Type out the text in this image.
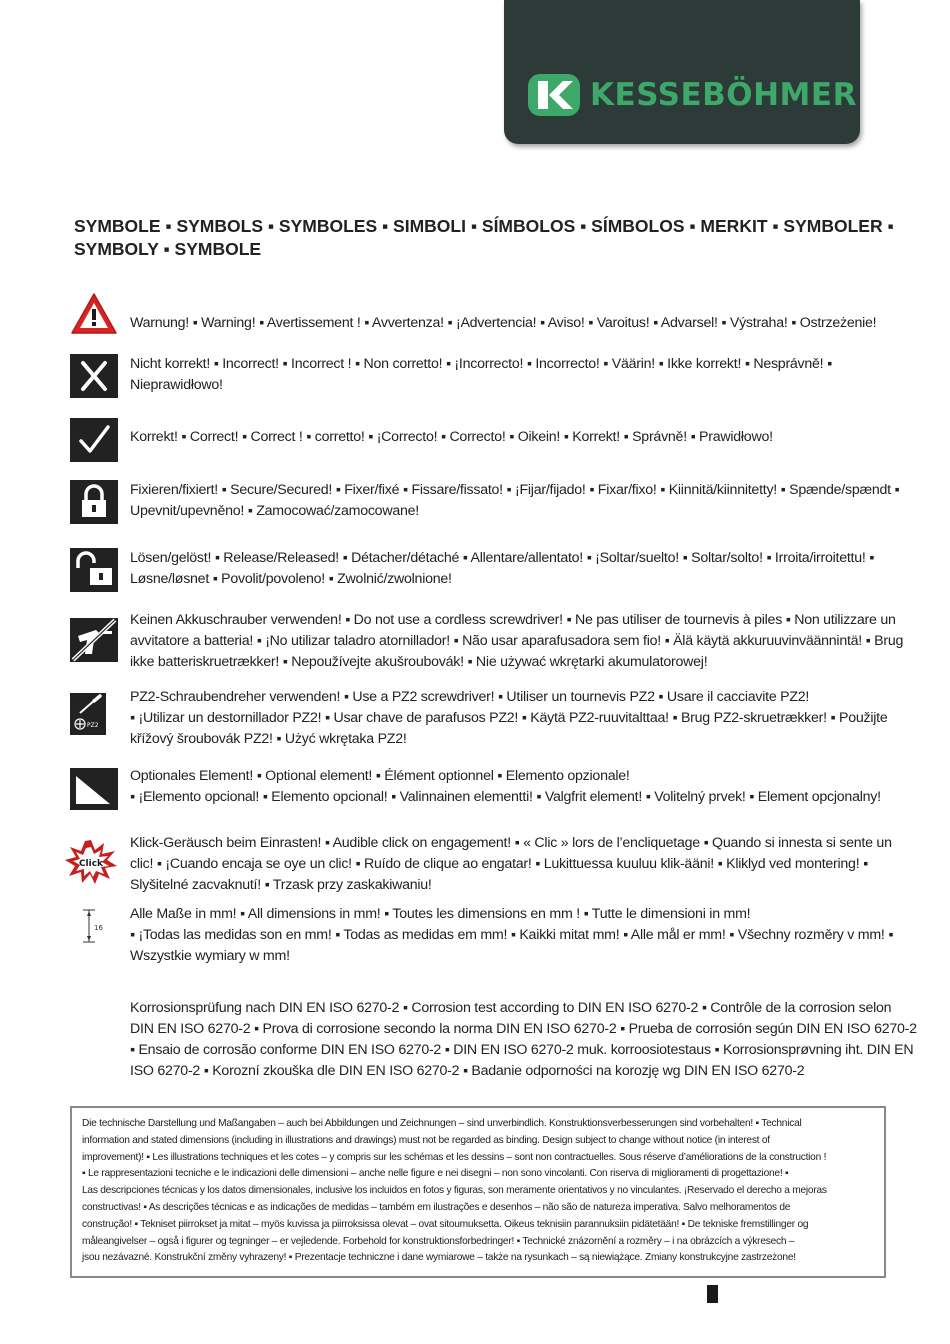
KESSEBÖHMER
SYMBOLE ▪ SYMBOLS ▪ SYMBOLES ▪ SIMBOLI ▪ SÍMBOLOS ▪ SÍMBOLOS ▪ MERKIT ▪ SYMBOLER ▪
SYMBOLY ▪ SYMBOLE
Warnung! ▪ Warning! ▪ Avertissement ! ▪ Avvertenza! ▪ ¡Advertencia! ▪ Aviso! ▪ Varoitus! ▪ Advarsel! ▪ Výstraha! ▪ Ostrzeżenie!
Nicht korrekt! ▪ Incorrect! ▪ Incorrect ! ▪ Non corretto! ▪ ¡Incorrecto! ▪ Incorrecto! ▪ Väärin! ▪ Ikke korrekt! ▪ Nesprávně! ▪
Nieprawidłowo!
Korrekt! ▪ Correct! ▪ Correct ! ▪ corretto! ▪ ¡Correcto! ▪ Correcto! ▪ Oikein! ▪ Korrekt! ▪ Správně! ▪ Prawidłowo!
Fixieren/fixiert! ▪ Secure/Secured! ▪ Fixer/fixé ▪ Fissare/fissato! ▪ ¡Fijar/fijado! ▪ Fixar/fixo! ▪ Kiinnitä/kiinnitetty! ▪ Spænde/spændt ▪
Upevnit/upevněno! ▪ Zamocować/zamocowane!
Lösen/gelöst! ▪ Release/Released! ▪ Détacher/détaché ▪ Allentare/allentato! ▪ ¡Soltar/suelto! ▪ Soltar/solto! ▪ Irroita/irroitettu! ▪
Løsne/løsnet ▪ Povolit/povoleno! ▪ Zwolnić/zwolnione!
Keinen Akkuschrauber verwenden! ▪ Do not use a cordless screwdriver! ▪ Ne pas utiliser de tournevis à piles ▪ Non utilizzare un
avvitatore a batteria! ▪ ¡No utilizar taladro atornillador! ▪ Não usar aparafusadora sem fio! ▪ Älä käytä akkuruuvinväännintä! ▪ Brug
ikke batteriskruetrækker! ▪ Nepoužívejte akušroubovák! ▪ Nie używać wkrętarki akumulatorowej!
PZ2
PZ2-Schraubendreher verwenden! ▪ Use a PZ2 screwdriver! ▪ Utiliser un tournevis PZ2 ▪ Usare il cacciavite PZ2!
▪ ¡Utilizar un destornillador PZ2! ▪ Usar chave de parafusos PZ2! ▪ Käytä PZ2-ruuvitalttaa! ▪ Brug PZ2-skruetrækker! ▪ Použijte
křížový šroubovák PZ2! ▪ Użyć wkrętaka PZ2!
Optionales Element! ▪ Optional element! ▪ Élément optionnel ▪ Elemento opzionale!
▪ ¡Elemento opcional! ▪ Elemento opcional! ▪ Valinnainen elementti! ▪ Valgfrit element! ▪ Volitelný prvek! ▪ Element opcjonalny!
Click
Klick-Geräusch beim Einrasten! ▪ Audible click on engagement! ▪ « Clic » lors de l’encliquetage ▪ Quando si innesta si sente un
clic! ▪ ¡Cuando encaja se oye un clic! ▪ Ruído de clique ao engatar! ▪ Lukittuessa kuuluu klik-ääni! ▪ Kliklyd ved montering! ▪
Slyšitelné zacvaknutí! ▪ Trzask przy zaskakiwaniu!
16
Alle Maße in mm! ▪ All dimensions in mm! ▪ Toutes les dimensions en mm ! ▪ Tutte le dimensioni in mm!
▪ ¡Todas las medidas son en mm! ▪ Todas as medidas em mm! ▪ Kaikki mitat mm! ▪ Alle mål er mm! ▪ Všechny rozměry v mm! ▪
Wszystkie wymiary w mm!
Korrosionsprüfung nach DIN EN ISO 6270-2 ▪ Corrosion test according to DIN EN ISO 6270-2 ▪ Contrôle de la corrosion selon
DIN EN ISO 6270-2 ▪ Prova di corrosione secondo la norma DIN EN ISO 6270-2 ▪ Prueba de corrosión según DIN EN ISO 6270-2
▪ Ensaio de corrosão conforme DIN EN ISO 6270-2 ▪ DIN EN ISO 6270-2 muk. korroosiotestaus ▪ Korrosionsprøvning iht. DIN EN
ISO 6270-2 ▪ Korozní zkouška dle DIN EN ISO 6270-2 ▪ Badanie odporności na korozję wg DIN EN ISO 6270-2
Die technische Darstellung und Maßangaben – auch bei Abbildungen und Zeichnungen – sind unverbindlich. Konstruktionsverbesserungen sind vorbehalten! ▪ Technical
information and stated dimensions (including in illustrations and drawings) must not be regarded as binding. Design subject to change without notice (in interest of
improvement)! ▪ Les illustrations techniques et les cotes – y compris sur les schémas et les dessins – sont non contractuelles. Sous réserve d’améliorations de la construction !
▪ Le rappresentazioni tecniche e le indicazioni delle dimensioni – anche nelle figure e nei disegni – non sono vincolanti. Con riserva di miglioramenti di progettazione! ▪
Las descripciones técnicas y los datos dimensionales, inclusive los incluidos en fotos y figuras, son meramente orientativos y no vinculantes. ¡Reservado el derecho a mejoras
constructivas! ▪ As descrições técnicas e as indicações de medidas – também em ilustrações e desenhos – não são de natureza imperativa. Salvo melhoramentos de
construção! ▪ Tekniset piirrokset ja mitat – myös kuvissa ja piirroksissa olevat – ovat sitoumuksetta. Oikeus teknisiin parannuksiin pidätetään! ▪ De tekniske fremstillinger og
måleangivelser – også i figurer og tegninger – er vejledende. Forbehold for konstruktionsforbedringer! ▪ Technické znázornění a rozměry – i na obrázcích a výkresech –
jsou nezávazné. Konstrukční změny vyhrazeny! ▪ Prezentacje techniczne i dane wymiarowe – także na rysunkach – są niewiążące. Zmiany konstrukcyjne zastrzeżone!
